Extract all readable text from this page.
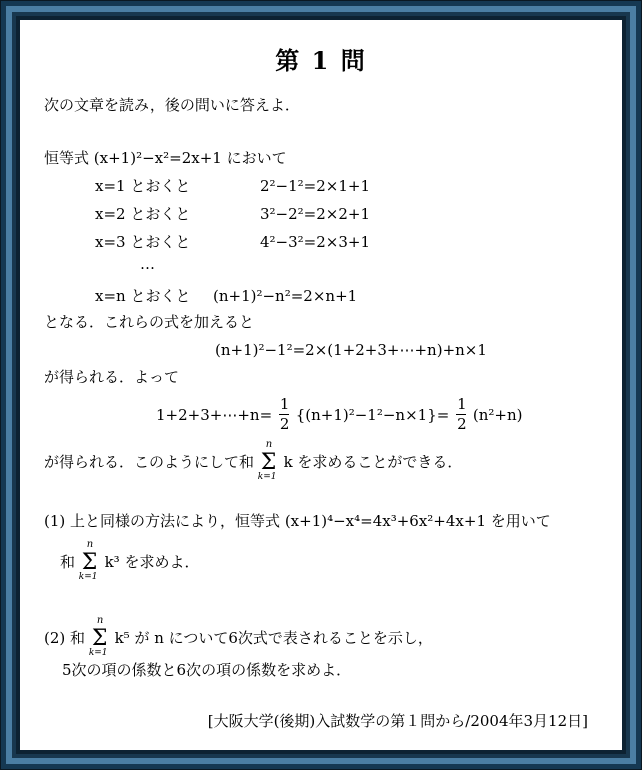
第 1 問
次の文章を読み，後の問いに答えよ．
恒等式 (x+1)²−x²=2x+1 において
x=1 とおくと	2²−1²=2×1+1
x=2 とおくと	3²−2²=2×2+1
x=3 とおくと	4²−3²=2×3+1
…
x=n とおくと (n+1)²−n²=2×n+1
となる．これらの式を加えると
(n+1)²−1²=2×(1+2+3+⋯+n)+n×1
が得られる．よって
1+2+3+⋯+n= $\frac{1}{2} \{(n+1)^2-1^2-n\times 1\}= \frac{1}{2} (n^2+n)$
が得られる．このようにして和
n
Σ
k=1
k を求めることができる．
(1) 上と同様の方法により，恒等式 (x+1)⁴−x⁴=4x³+6x²+4x+1 を用いて
和
n
Σ
k=1
k³ を求めよ．
(2) 和
n
Σ
k=1
k⁵ が n について6次式で表されることを示し，
5次の項の係数と6次の項の係数を求めよ．
[大阪大学(後期)入試数学の第１問から/2004年3月12日]
